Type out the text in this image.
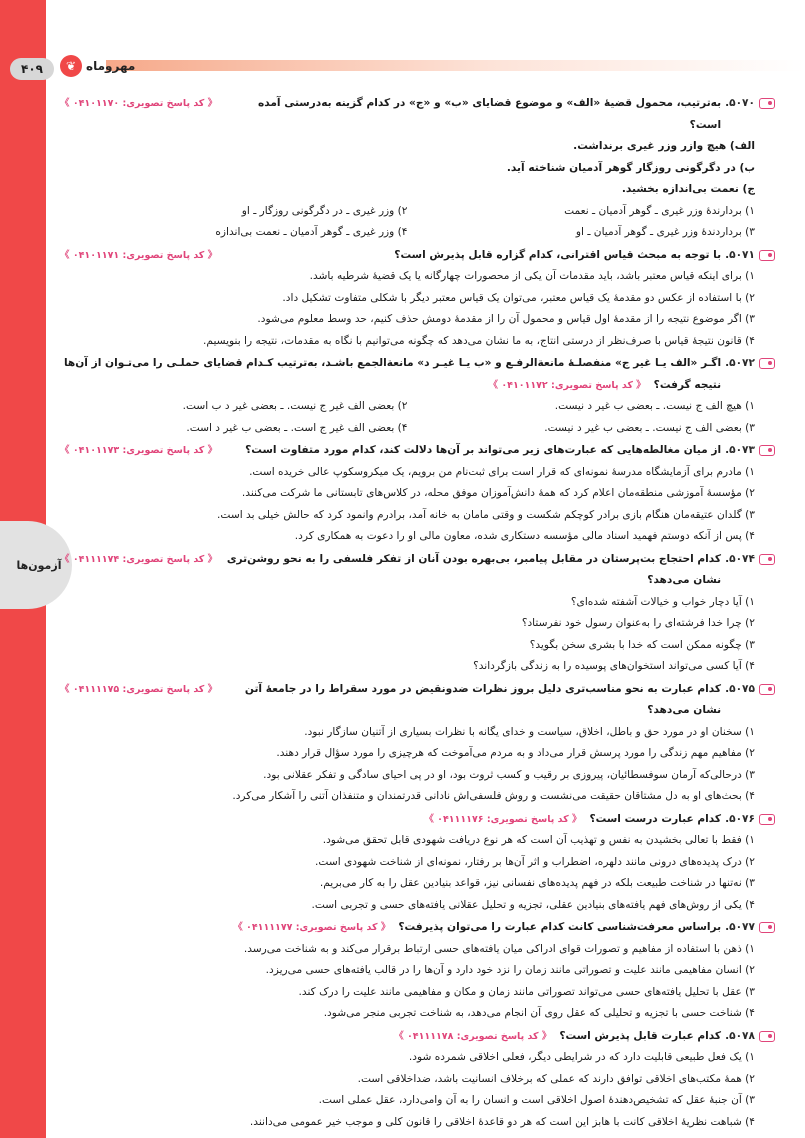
آزمون‌ها
❦ مهروماه
۴۰۹
۵۰۷۰.
به‌ترتیب، محمول قضیهٔ «الف» و موضوع قضایای «ب» و «ج» در کدام گزینه به‌درستی آمده است؟
《 کد پاسخ تصویری: ۰۴۱۰۱۱۷۰ 》
الف) هیچ وازر وزر غیری برنداشت.
ب) در دگرگونی روزگار گوهر آدمیان شناخته آید.
ج) نعمت بی‌اندازه بخشید.
۱) بردارندهٔ وزر غیری ـ گوهر آدمیان ـ نعمت
۲) وزر غیری ـ در دگرگونی روزگار ـ او
۳) برداردندهٔ وزر غیری ـ گوهر آدمیان ـ او
۴) وزر غیری ـ گوهر آدمیان ـ نعمت بی‌اندازه
۵۰۷۱.
با توجه به مبحث قیاس اقترانی، کدام گزاره قابل پذیرش است؟
《 کد پاسخ تصویری: ۰۴۱۰۱۱۷۱ 》
۱) برای اینکه قیاس معتبر باشد، باید مقدمات آن یکی از محصورات چهارگانه یا یک قضیهٔ شرطیه باشد.
۲) با استفاده از عکس دو مقدمهٔ یک قیاس معتبر، می‌توان یک قیاس معتبر دیگر با شکلی متفاوت تشکیل داد.
۳) اگر موضوع نتیجه را از مقدمهٔ اول قیاس و محمول آن را از مقدمهٔ دومش حذف کنیم، حد وسط معلوم می‌شود.
۴) قانون نتیجهٔ قیاس با صرف‌نظر از درستی انتاج، به ما نشان می‌دهد که چگونه می‌توانیم با نگاه به مقدمات، نتیجه را بنویسیم.
۵۰۷۲.
اگـر «الف یـا غیر ج» منفصلـهٔ مانعةالرفـع و «ب یـا غیـر د» مانعةالجمع باشـد، به‌ترتیب کـدام قضایای حملـی را می‌تـوان از آن‌ها نتیجه گرفت؟《 کد پاسخ تصویری: ۰۴۱۰۱۱۷۲ 》
۱) هیچ الف ج نیست. ـ بعضی ب غیر د نیست.
۲) بعضی الف غیر ج نیست. ـ بعضی غیر د ب است.
۳) بعضی الف ج نیست. ـ بعضی ب غیر د نیست.
۴) بعضی الف غیر ج است. ـ بعضی ب غیر د است.
۵۰۷۳.
از میان مغالطه‌هایی که عبارت‌های زیر می‌تواند بر آن‌ها دلالت کند، کدام مورد متفاوت است؟
《 کد پاسخ تصویری: ۰۴۱۰۱۱۷۳ 》
۱) مادرم برای آزمایشگاه مدرسهٔ نمونه‌ای که قرار است برای ثبت‌نام من برویم، یک میکروسکوپ عالی خریده است.
۲) مؤسسهٔ آموزشی منطقه‌مان اعلام کرد که همهٔ دانش‌آموزان موفق محله، در کلاس‌های تابستانی ما شرکت می‌کنند.
۳) گلدان عتیقه‌مان هنگام بازی برادر کوچکم شکست و وقتی مامان به خانه آمد، برادرم وانمود کرد که حالش خیلی بد است.
۴) پس از آنکه دوستم فهمید اسناد مالی مؤسسه دستکاری شده، معاون مالی او را دعوت به همکاری کرد.
۵۰۷۴.
کدام احتجاج بت‌پرستان در مقابل پیامبر، بی‌بهره بودن آنان از تفکر فلسفی را به نحو روشن‌تری نشان می‌دهد؟
《 کد پاسخ تصویری: ۰۴۱۱۱۱۷۴ 》
۱) آیا دچار خواب و خیالات آشفته شده‌ای؟
۲) چرا خدا فرشته‌ای را به‌عنوان رسول خود نفرستاد؟
۳) چگونه ممکن است که خدا با بشری سخن بگوید؟
۴) آیا کسی می‌تواند استخوان‌های پوسیده را به زندگی بازگرداند؟
۵۰۷۵.
کدام عبارت به نحو مناسب‌تری دلیل بروز نظرات ضدونقیض در مورد سقراط را در جامعهٔ آتن نشان می‌دهد؟
《 کد پاسخ تصویری: ۰۴۱۱۱۱۷۵ 》
۱) سخنان او در مورد حق و باطل، اخلاق، سیاست و خدای یگانه با نظرات بسیاری از آتنیان سازگار نبود.
۲) مفاهیم مهم زندگی را مورد پرسش قرار می‌داد و به مردم می‌آموخت که هرچیزی را مورد سؤال قرار دهند.
۳) درحالی‌که آرمان سوفسطائیان، پیروزی بر رقیب و کسب ثروت بود، او در پی احیای سادگی و تفکر عقلانی بود.
۴) بحث‌های او به دل مشتاقان حقیقت می‌نشست و روش فلسفی‌اش نادانی قدرتمندان و متنفذان آتنی را آشکار می‌کرد.
۵۰۷۶.
کدام عبارت درست است؟《 کد پاسخ تصویری: ۰۴۱۱۱۱۷۶ 》
۱) فقط با تعالی بخشیدن به نفس و تهذیب آن است که هر نوع دریافت شهودی قابل تحقق می‌شود.
۲) درک پدیده‌های درونی مانند دلهره، اضطراب و اثر آن‌ها بر رفتار، نمونه‌ای از شناخت شهودی است.
۳) نه‌تنها در شناخت طبیعت بلکه در فهم پدیده‌های نفسانی نیز، قواعد بنیادین عقل را به کار می‌بریم.
۴) یکی از روش‌های فهم یافته‌های بنیادین عقلی، تجزیه و تحلیل عقلانی یافته‌های حسی و تجربی است.
۵۰۷۷.
براساس معرفت‌شناسی کانت کدام عبارت را می‌توان پذیرفت؟《 کد پاسخ تصویری: ۰۴۱۱۱۱۷۷ 》
۱) ذهن با استفاده از مفاهیم و تصورات قوای ادراکی میان یافته‌های حسی ارتباط برقرار می‌کند و به شناخت می‌رسد.
۲) انسان مفاهیمی مانند علیت و تصوراتی مانند زمان را نزد خود دارد و آن‌ها را در قالب یافته‌های حسی می‌ریزد.
۳) عقل با تحلیل یافته‌های حسی می‌تواند تصوراتی مانند زمان و مکان و مفاهیمی مانند علیت را درک کند.
۴) شناخت حسی با تجزیه و تحلیلی که عقل روی آن انجام می‌دهد، به شناخت تجربی منجر می‌شود.
۵۰۷۸.
کدام عبارت قابل پذیرش است؟《 کد پاسخ تصویری: ۰۴۱۱۱۱۷۸ 》
۱) یک فعل طبیعی قابلیت دارد که در شرایطی دیگر، فعلی اخلاقی شمرده شود.
۲) همهٔ مکتب‌های اخلاقی توافق دارند که عملی که برخلاف انسانیت باشد، ضداخلاقی است.
۳) آن جنبهٔ عقل که تشخیص‌دهندهٔ اصول اخلاقی است و انسان را به آن وامی‌دارد، عقل عملی است.
۴) شباهت نظریهٔ اخلاقی کانت با هابز این است که هر دو قاعدهٔ اخلاقی را قانون کلی و موجب خیر عمومی می‌دانند.
